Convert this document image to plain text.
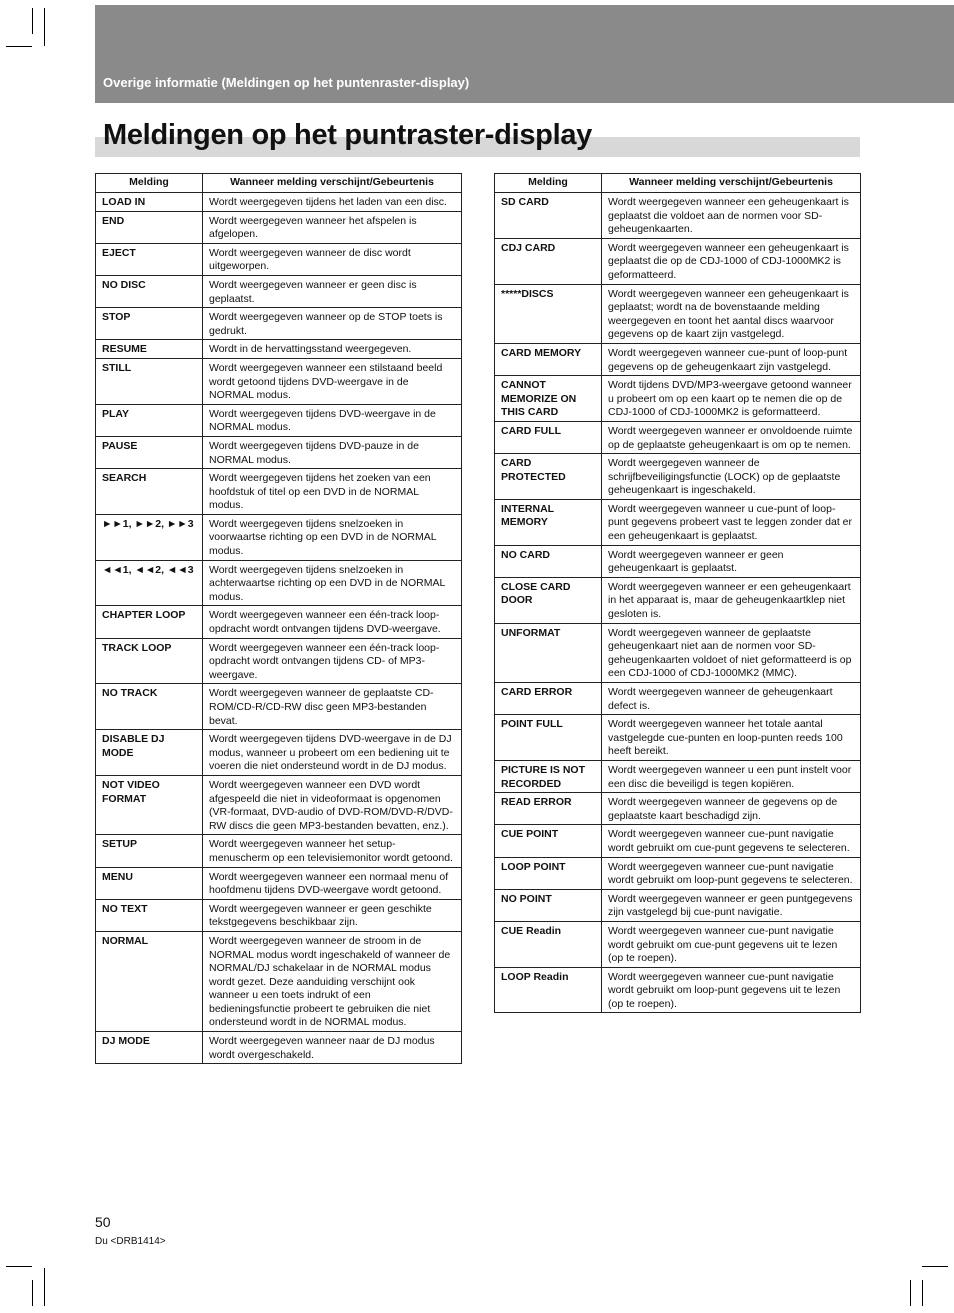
Overige informatie (Meldingen op het puntenraster-display)
Meldingen op het puntraster-display
Melding	Wanneer melding verschijnt/Gebeurtenis
LOAD IN	Wordt weergegeven tijdens het laden van een disc.
END	Wordt weergegeven wanneer het afspelen is afgelopen.
EJECT	Wordt weergegeven wanneer de disc wordt uitgeworpen.
NO DISC	Wordt weergegeven wanneer er geen disc is geplaatst.
STOP	Wordt weergegeven wanneer op de STOP toets is gedrukt.
RESUME	Wordt in de hervattingsstand weergegeven.
STILL	Wordt weergegeven wanneer een stilstaand beeld wordt getoond tijdens DVD-weergave in de NORMAL modus.
PLAY	Wordt weergegeven tijdens DVD-weergave in de NORMAL modus.
PAUSE	Wordt weergegeven tijdens DVD-pauze in de NORMAL modus.
SEARCH	Wordt weergegeven tijdens het zoeken van een hoofdstuk of titel op een DVD in de NORMAL modus.
►►1, ►►2, ►►3	Wordt weergegeven tijdens snelzoeken in voorwaartse richting op een DVD in de NORMAL modus.
◄◄1, ◄◄2, ◄◄3	Wordt weergegeven tijdens snelzoeken in achterwaartse richting op een DVD in de NORMAL modus.
CHAPTER LOOP	Wordt weergegeven wanneer een één-track loop-opdracht wordt ontvangen tijdens DVD-weergave.
TRACK LOOP	Wordt weergegeven wanneer een één-track loop-opdracht wordt ontvangen tijdens CD- of MP3-weergave.
NO TRACK	Wordt weergegeven wanneer de geplaatste CD-ROM/CD-R/CD-RW disc geen MP3-bestanden bevat.
DISABLE DJ MODE	Wordt weergegeven tijdens DVD-weergave in de DJ modus, wanneer u probeert om een bediening uit te voeren die niet ondersteund wordt in de DJ modus.
NOT VIDEO FORMAT	Wordt weergegeven wanneer een DVD wordt afgespeeld die niet in videoformaat is opgenomen (VR-formaat, DVD-audio of DVD-ROM/DVD-R/DVD-RW discs die geen MP3-bestanden bevatten, enz.).
SETUP	Wordt weergegeven wanneer het setup-menuscherm op een televisiemonitor wordt getoond.
MENU	Wordt weergegeven wanneer een normaal menu of hoofdmenu tijdens DVD-weergave wordt getoond.
NO TEXT	Wordt weergegeven wanneer er geen geschikte tekstgegevens beschikbaar zijn.
NORMAL	Wordt weergegeven wanneer de stroom in de NORMAL modus wordt ingeschakeld of wanneer de NORMAL/DJ schakelaar in de NORMAL modus wordt gezet. Deze aanduiding verschijnt ook wanneer u een toets indrukt of een bedieningsfunctie probeert te gebruiken die niet ondersteund wordt in de NORMAL modus.
DJ MODE	Wordt weergegeven wanneer naar de DJ modus wordt overgeschakeld.
Melding	Wanneer melding verschijnt/Gebeurtenis
SD CARD	Wordt weergegeven wanneer een geheugenkaart is geplaatst die voldoet aan de normen voor SD-geheugenkaarten.
CDJ CARD	Wordt weergegeven wanneer een geheugenkaart is geplaatst die op de CDJ-1000 of CDJ-1000MK2 is geformatteerd.
*****DISCS	Wordt weergegeven wanneer een geheugenkaart is geplaatst; wordt na de bovenstaande melding weergegeven en toont het aantal discs waarvoor gegevens op de kaart zijn vastgelegd.
CARD MEMORY	Wordt weergegeven wanneer cue-punt of loop-punt gegevens op de geheugenkaart zijn vastgelegd.
CANNOT MEMORIZE ON THIS CARD	Wordt tijdens DVD/MP3-weergave getoond wanneer u probeert om op een kaart op te nemen die op de CDJ-1000 of CDJ-1000MK2 is geformatteerd.
CARD FULL	Wordt weergegeven wanneer er onvoldoende ruimte op de geplaatste geheugenkaart is om op te nemen.
CARD PROTECTED	Wordt weergegeven wanneer de schrijfbeveiligingsfunctie (LOCK) op de geplaatste geheugenkaart is ingeschakeld.
INTERNAL MEMORY	Wordt weergegeven wanneer u cue-punt of loop-punt gegevens probeert vast te leggen zonder dat er een geheugenkaart is geplaatst.
NO CARD	Wordt weergegeven wanneer er geen geheugenkaart is geplaatst.
CLOSE CARD DOOR	Wordt weergegeven wanneer er een geheugenkaart in het apparaat is, maar de geheugenkaartklep niet gesloten is.
UNFORMAT	Wordt weergegeven wanneer de geplaatste geheugenkaart niet aan de normen voor SD-geheugenkaarten voldoet of niet geformatteerd is op een CDJ-1000 of CDJ-1000MK2 (MMC).
CARD ERROR	Wordt weergegeven wanneer de geheugenkaart defect is.
POINT FULL	Wordt weergegeven wanneer het totale aantal vastgelegde cue-punten en loop-punten reeds 100 heeft bereikt.
PICTURE IS NOT RECORDED	Wordt weergegeven wanneer u een punt instelt voor een disc die beveiligd is tegen kopiëren.
READ ERROR	Wordt weergegeven wanneer de gegevens op de geplaatste kaart beschadigd zijn.
CUE POINT	Wordt weergegeven wanneer cue-punt navigatie wordt gebruikt om cue-punt gegevens te selecteren.
LOOP POINT	Wordt weergegeven wanneer cue-punt navigatie wordt gebruikt om loop-punt gegevens te selecteren.
NO POINT	Wordt weergegeven wanneer er geen puntgegevens zijn vastgelegd bij cue-punt navigatie.
CUE Readin	Wordt weergegeven wanneer cue-punt navigatie wordt gebruikt om cue-punt gegevens uit te lezen (op te roepen).
LOOP Readin	Wordt weergegeven wanneer cue-punt navigatie wordt gebruikt om loop-punt gegevens uit te lezen (op te roepen).
50
Du <DRB1414>
